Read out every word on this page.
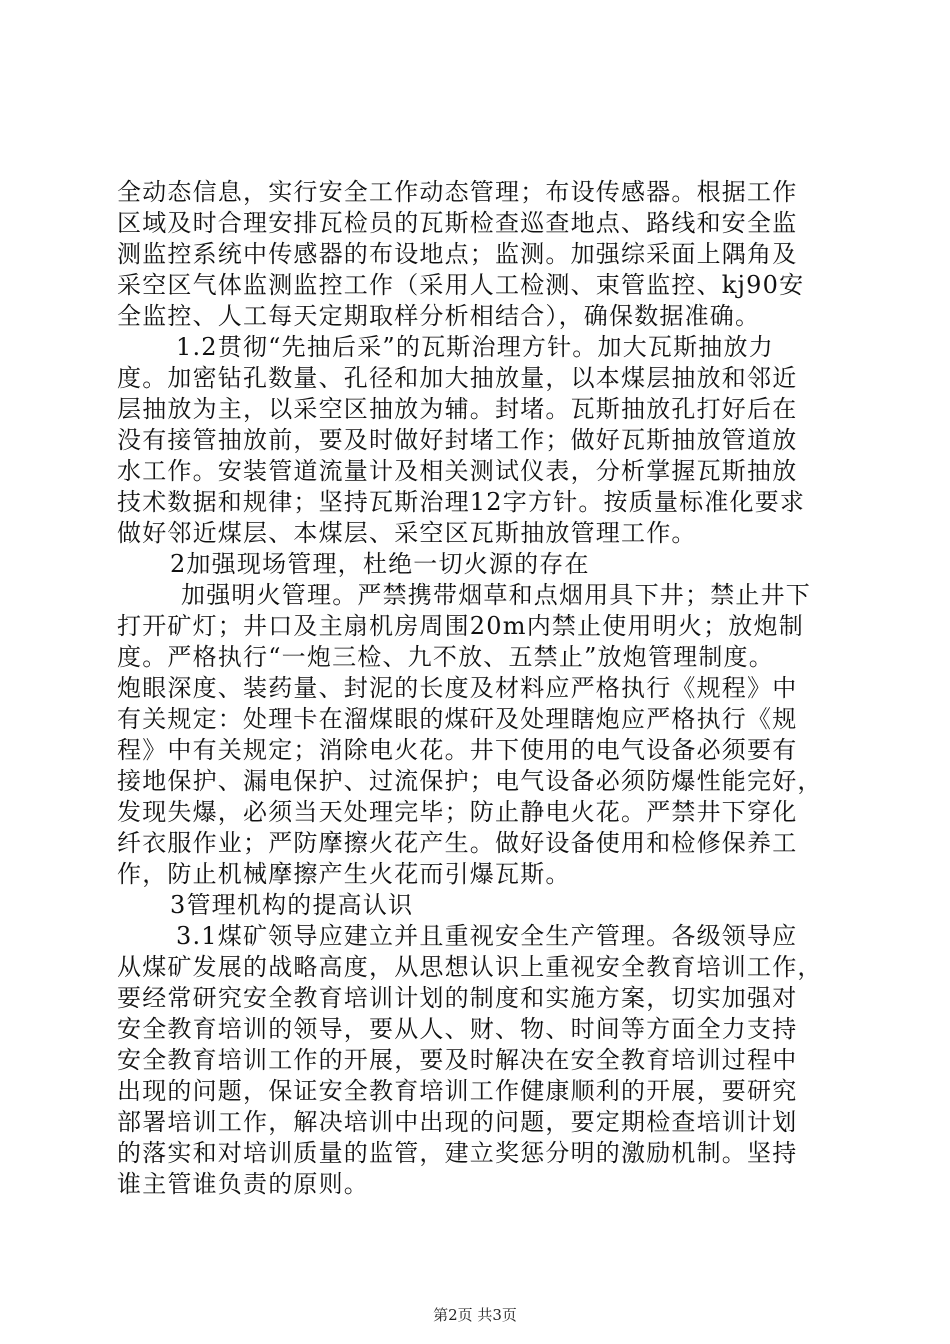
全动态信息，实行安全工作动态管理；布设传感器。根据工作
区域及时合理安排瓦检员的瓦斯检查巡查地点、路线和安全监
测监控系统中传感器的布设地点；监测。加强综采面上隅角及
采空区气体监测监控工作（采用人工检测、束管监控、kj90安
全监控、人工每天定期取样分析相结合），确保数据准确。
1.2贯彻“先抽后采”的瓦斯治理方针。加大瓦斯抽放力
度。加密钻孔数量、孔径和加大抽放量，以本煤层抽放和邻近
层抽放为主，以采空区抽放为辅。封堵。瓦斯抽放孔打好后在
没有接管抽放前，要及时做好封堵工作；做好瓦斯抽放管道放
水工作。安装管道流量计及相关测试仪表，分析掌握瓦斯抽放
技术数据和规律；坚持瓦斯治理12字方针。按质量标准化要求
做好邻近煤层、本煤层、采空区瓦斯抽放管理工作。
2加强现场管理，杜绝一切火源的存在
加强明火管理。严禁携带烟草和点烟用具下井；禁止井下
打开矿灯；井口及主扇机房周围20m内禁止使用明火；放炮制
度。严格执行“一炮三检、九不放、五禁止”放炮管理制度。
炮眼深度、装药量、封泥的长度及材料应严格执行《规程》中
有关规定：处理卡在溜煤眼的煤矸及处理瞎炮应严格执行《规
程》中有关规定；消除电火花。井下使用的电气设备必须要有
接地保护、漏电保护、过流保护；电气设备必须防爆性能完好，
发现失爆，必须当天处理完毕；防止静电火花。严禁井下穿化
纤衣服作业；严防摩擦火花产生。做好设备使用和检修保养工
作，防止机械摩擦产生火花而引爆瓦斯。
3管理机构的提高认识
3.1煤矿领导应建立并且重视安全生产管理。各级领导应
从煤矿发展的战略高度，从思想认识上重视安全教育培训工作，
要经常研究安全教育培训计划的制度和实施方案，切实加强对
安全教育培训的领导，要从人、财、物、时间等方面全力支持
安全教育培训工作的开展，要及时解决在安全教育培训过程中
出现的问题，保证安全教育培训工作健康顺利的开展，要研究
部署培训工作，解决培训中出现的问题，要定期检查培训计划
的落实和对培训质量的监管，建立奖惩分明的激励机制。坚持
谁主管谁负责的原则。
第2页 共3页
